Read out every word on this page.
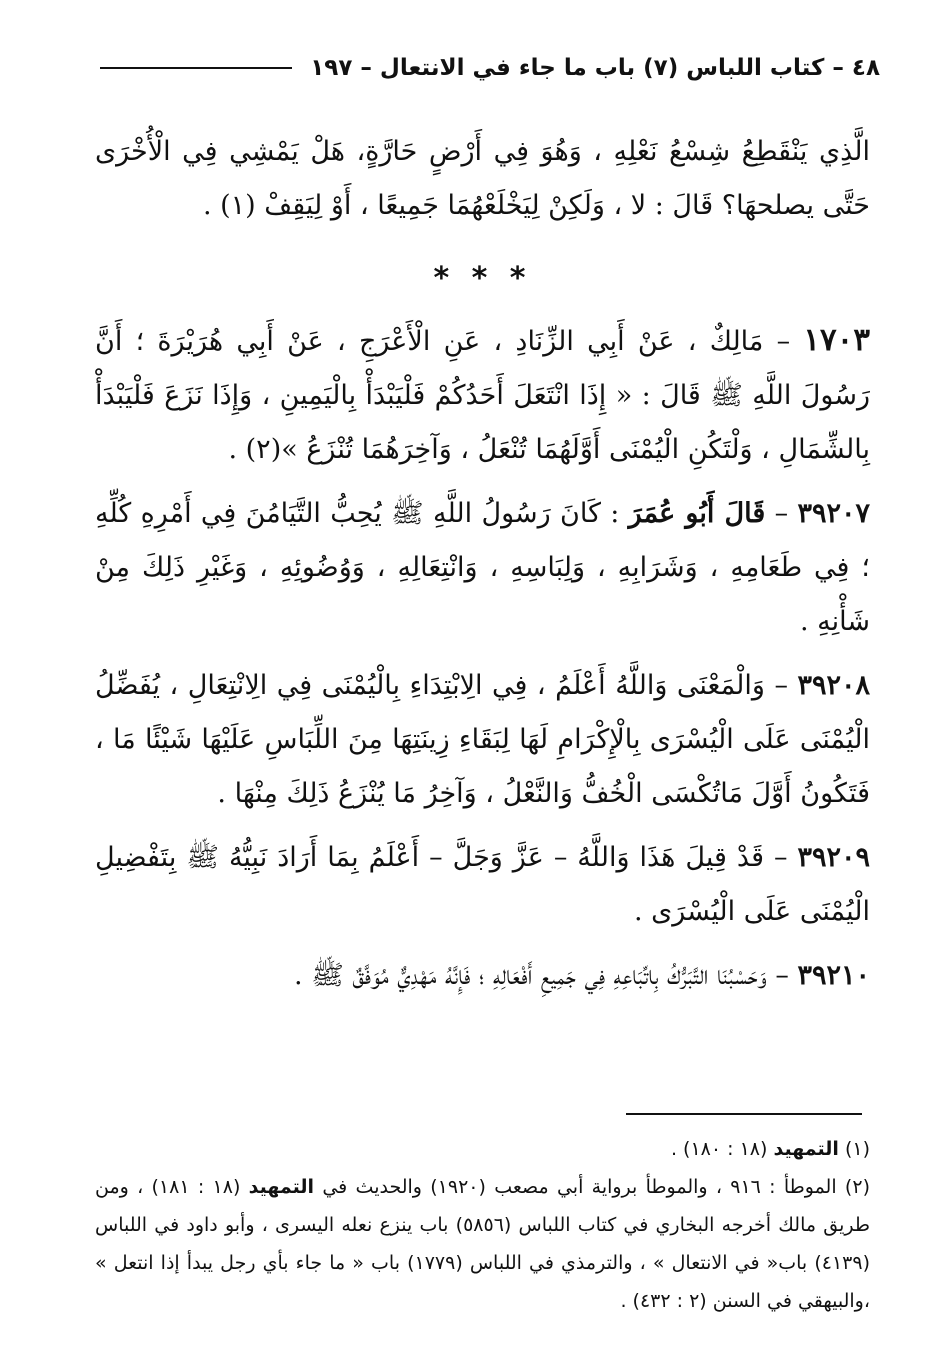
٤٨ – كتاب اللباس (٧) باب ما جاء في الانتعال – ١٩٧

الَّذِي يَنْقَطِعُ شِسْعُ نَعْلِهِ ، وَهُوَ فِي أَرْضٍ حَارَّةٍ، هَلْ يَمْشِي فِي الْأُخْرَى حَتَّى يصلحهَا؟ قَالَ : لا ، وَلَكِنْ لِيَخْلَعْهُمَا جَمِيعًا ، أَوْ لِيَقِفْ (١) .

* * *

١٧٠٣ – مَالِكٌ ، عَنْ أَبِي الزِّنَادِ ، عَنِ الْأَعْرَجِ ، عَنْ أَبِي هُرَيْرَةَ ؛ أَنَّ رَسُولَ اللَّهِ ﷺ قَالَ : « إِذَا انْتَعَلَ أَحَدُكُمْ فَلْيَبْدَأْ بِالْيَمِينِ ، وَإِذَا نَزَعَ فَلْيَبْدَأْ بِالشِّمَالِ ، وَلْتَكُنِ الْيُمْنَى أَوَّلَهُمَا تُنْعَلُ ، وَآخِرَهُمَا تُنْزَعُ »(٢) .

٣٩٢٠٧ – قَالَ أَبُو عُمَرَ : كَانَ رَسُولُ اللَّهِ ﷺ يُحِبُّ التَّيَامُنَ فِي أَمْرِهِ كُلِّهِ ؛ فِي طَعَامِهِ ، وَشَرَابِهِ ، وَلِبَاسِهِ ، وَانْتِعَالِهِ ، وَوُضُوئِهِ ، وَغَيْرِ ذَلِكَ مِنْ شَأْنِهِ .

٣٩٢٠٨ – وَالْمَعْنَى وَاللَّهُ أَعْلَمُ ، فِي الِابْتِدَاءِ بِالْيُمْنَى فِي الِانْتِعَالِ ، يُفَضِّلُ الْيُمْنَى عَلَى الْيُسْرَى بِالْإِكْرَامِ لَهَا لِبَقَاءِ زِينَتِهَا مِنَ اللِّبَاسِ عَلَيْهَا شَيْئًا مَا ، فَتَكُونُ أَوَّلَ مَاتُكْسَى الْخُفُّ وَالنَّعْلُ ، وَآخِرُ مَا يُنْزَعُ ذَلِكَ مِنْهَا .

٣٩٢٠٩ – قَدْ قِيلَ هَذَا وَاللَّهُ – عَزَّ وَجَلَّ – أَعْلَمُ بِمَا أَرَادَ نَبِيُّهُ ﷺ بِتَفْضِيلِ الْيُمْنَى عَلَى الْيُسْرَى .

٣٩٢١٠ – وَحَسْبُنَا التَّبَرُّكُ بِاتِّبَاعِهِ فِي جَمِيعِ أَفْعَالِهِ ؛ فَإِنَّهُ مَهْدِيٌّ مُوَفَّقٌ ﷺ .

(١) التمهيد (١٨ : ١٨٠) .

(٢) الموطأ : ٩١٦ ، والموطأ برواية أبي مصعب (١٩٢٠) والحديث في التمهيد (١٨ : ١٨١) ، ومن طريق مالك أخرجه البخاري في كتاب اللباس (٥٨٥٦) باب ينزع نعله اليسرى ، وأبو داود في اللباس (٤١٣٩) باب« في الانتعال » ، والترمذي في اللباس (١٧٧٩) باب « ما جاء بأي رجل يبدأ إذا انتعل » ،والبيهقي في السنن (٢ : ٤٣٢) .
